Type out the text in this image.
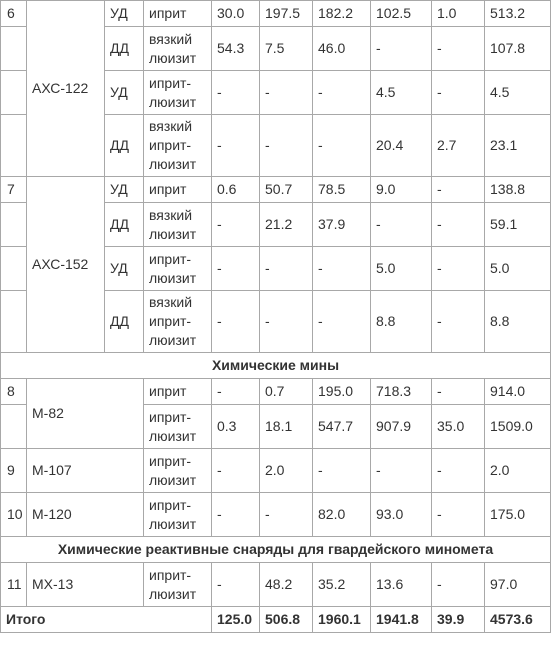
6	АХС-122	УД	иприт	30.0	197.5	182.2	102.5	1.0	513.2
		ДД	вязкий люизит	54.3	7.5	46.0	-	-	107.8
		УД	иприт-люизит	-	-	-	4.5	-	4.5
		ДД	вязкий иприт-люизит	-	-	-	20.4	2.7	23.1
7	АХС-152	УД	иприт	0.6	50.7	78.5	9.0	-	138.8
		ДД	вязкий люизит	-	21.2	37.9	-	-	59.1
		УД	иприт-люизит	-	-	-	5.0	-	5.0
		ДД	вязкий иприт-люизит	-	-	-	8.8	-	8.8
Химические мины									
8	М-82		иприт	-	0.7	195.0	718.3	-	914.0
			иприт-люизит	0.3	18.1	547.7	907.9	35.0	1509.0
9	М-107		иприт-люизит	-	2.0	-	-	-	2.0
10	М-120		иприт-люизит	-	-	82.0	93.0	-	175.0
Химические реактивные снаряды для гвардейского миномета									
11	МХ-13		иприт-люизит	-	48.2	35.2	13.6	-	97.0
Итого				125.0	506.8	1960.1	1941.8	39.9	4573.6
